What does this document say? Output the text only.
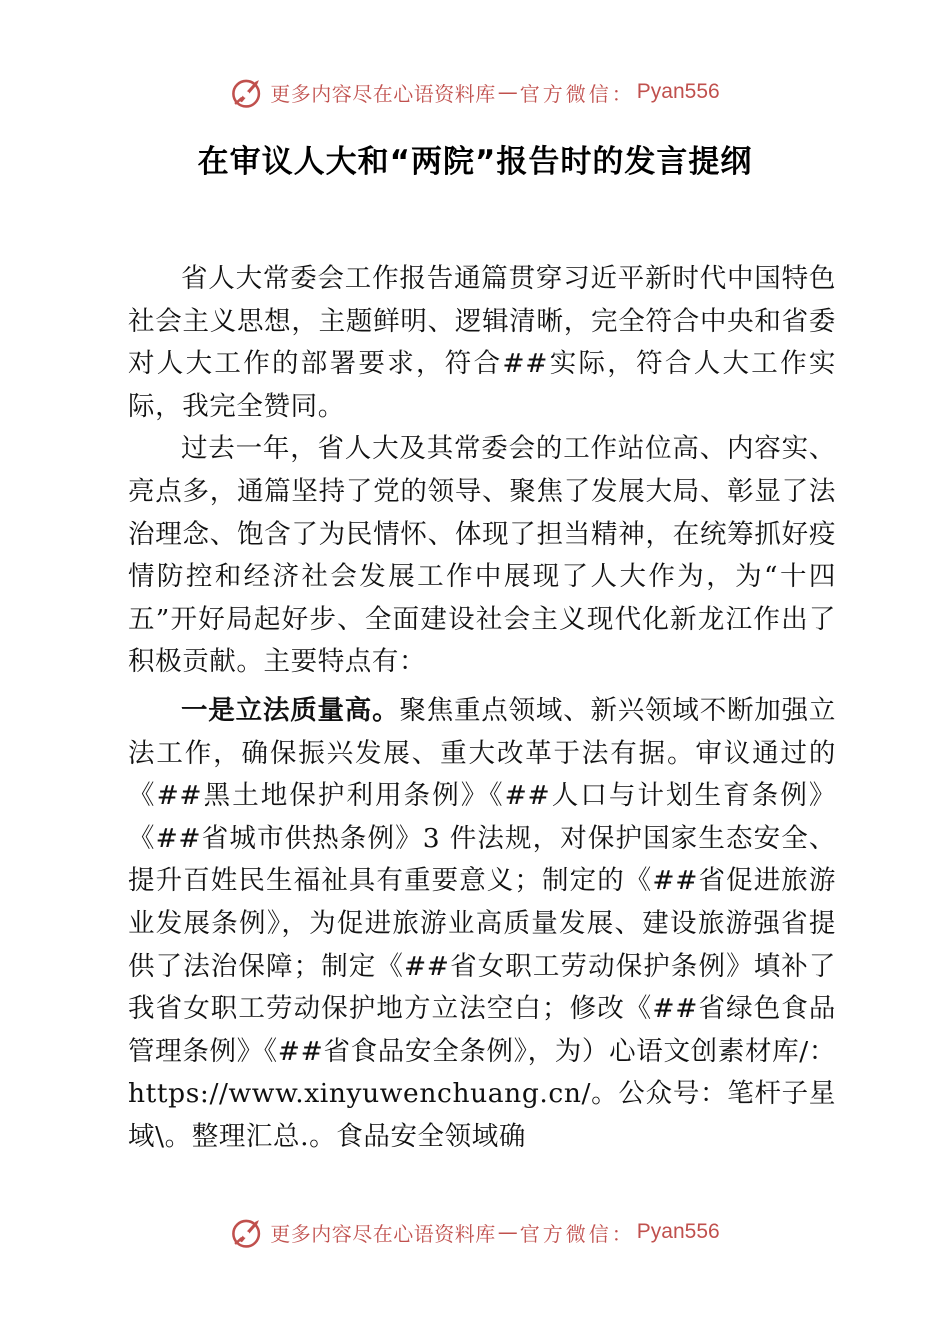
更多内容尽在心语资料库 — 官方微信： Pyan556
在审议人大和“两院”报告时的发言提纲

省人大常委会工作报告通篇贯穿习近平新时代中国特色社会主义思想，主题鲜明、逻辑清晰，完全符合中央和省委对人大工作的部署要求，符合##实际，符合人大工作实际，我完全赞同。

过去一年，省人大及其常委会的工作站位高、内容实、亮点多，通篇坚持了党的领导、聚焦了发展大局、彰显了法治理念、饱含了为民情怀、体现了担当精神，在统筹抓好疫情防控和经济社会发展工作中展现了人大作为，为“十四五”开好局起好步、全面建设社会主义现代化新龙江作出了积极贡献。主要特点有：

一是立法质量高。聚焦重点领域、新兴领域不断加强立法工作，确保振兴发展、重大改革于法有据。审议通过的《##黑土地保护利用条例》《##人口与计划生育条例》《##省城市供热条例》3 件法规，对保护国家生态安全、提升百姓民生福祉具有重要意义；制定的《##省促进旅游业发展条例》，为促进旅游业高质量发展、建设旅游强省提供了法治保障；制定《##省女职工劳动保护条例》填补了我省女职工劳动保护地方立法空白；修改《##省绿色食品管理条例》《##省食品安全条例》，为）心语文创素材库/：https://www.xinyuwenchuang.cn/。公众号：笔杆子星域\。整理汇总.。食品安全领域确

更多内容尽在心语资料库 — 官方微信： Pyan556
